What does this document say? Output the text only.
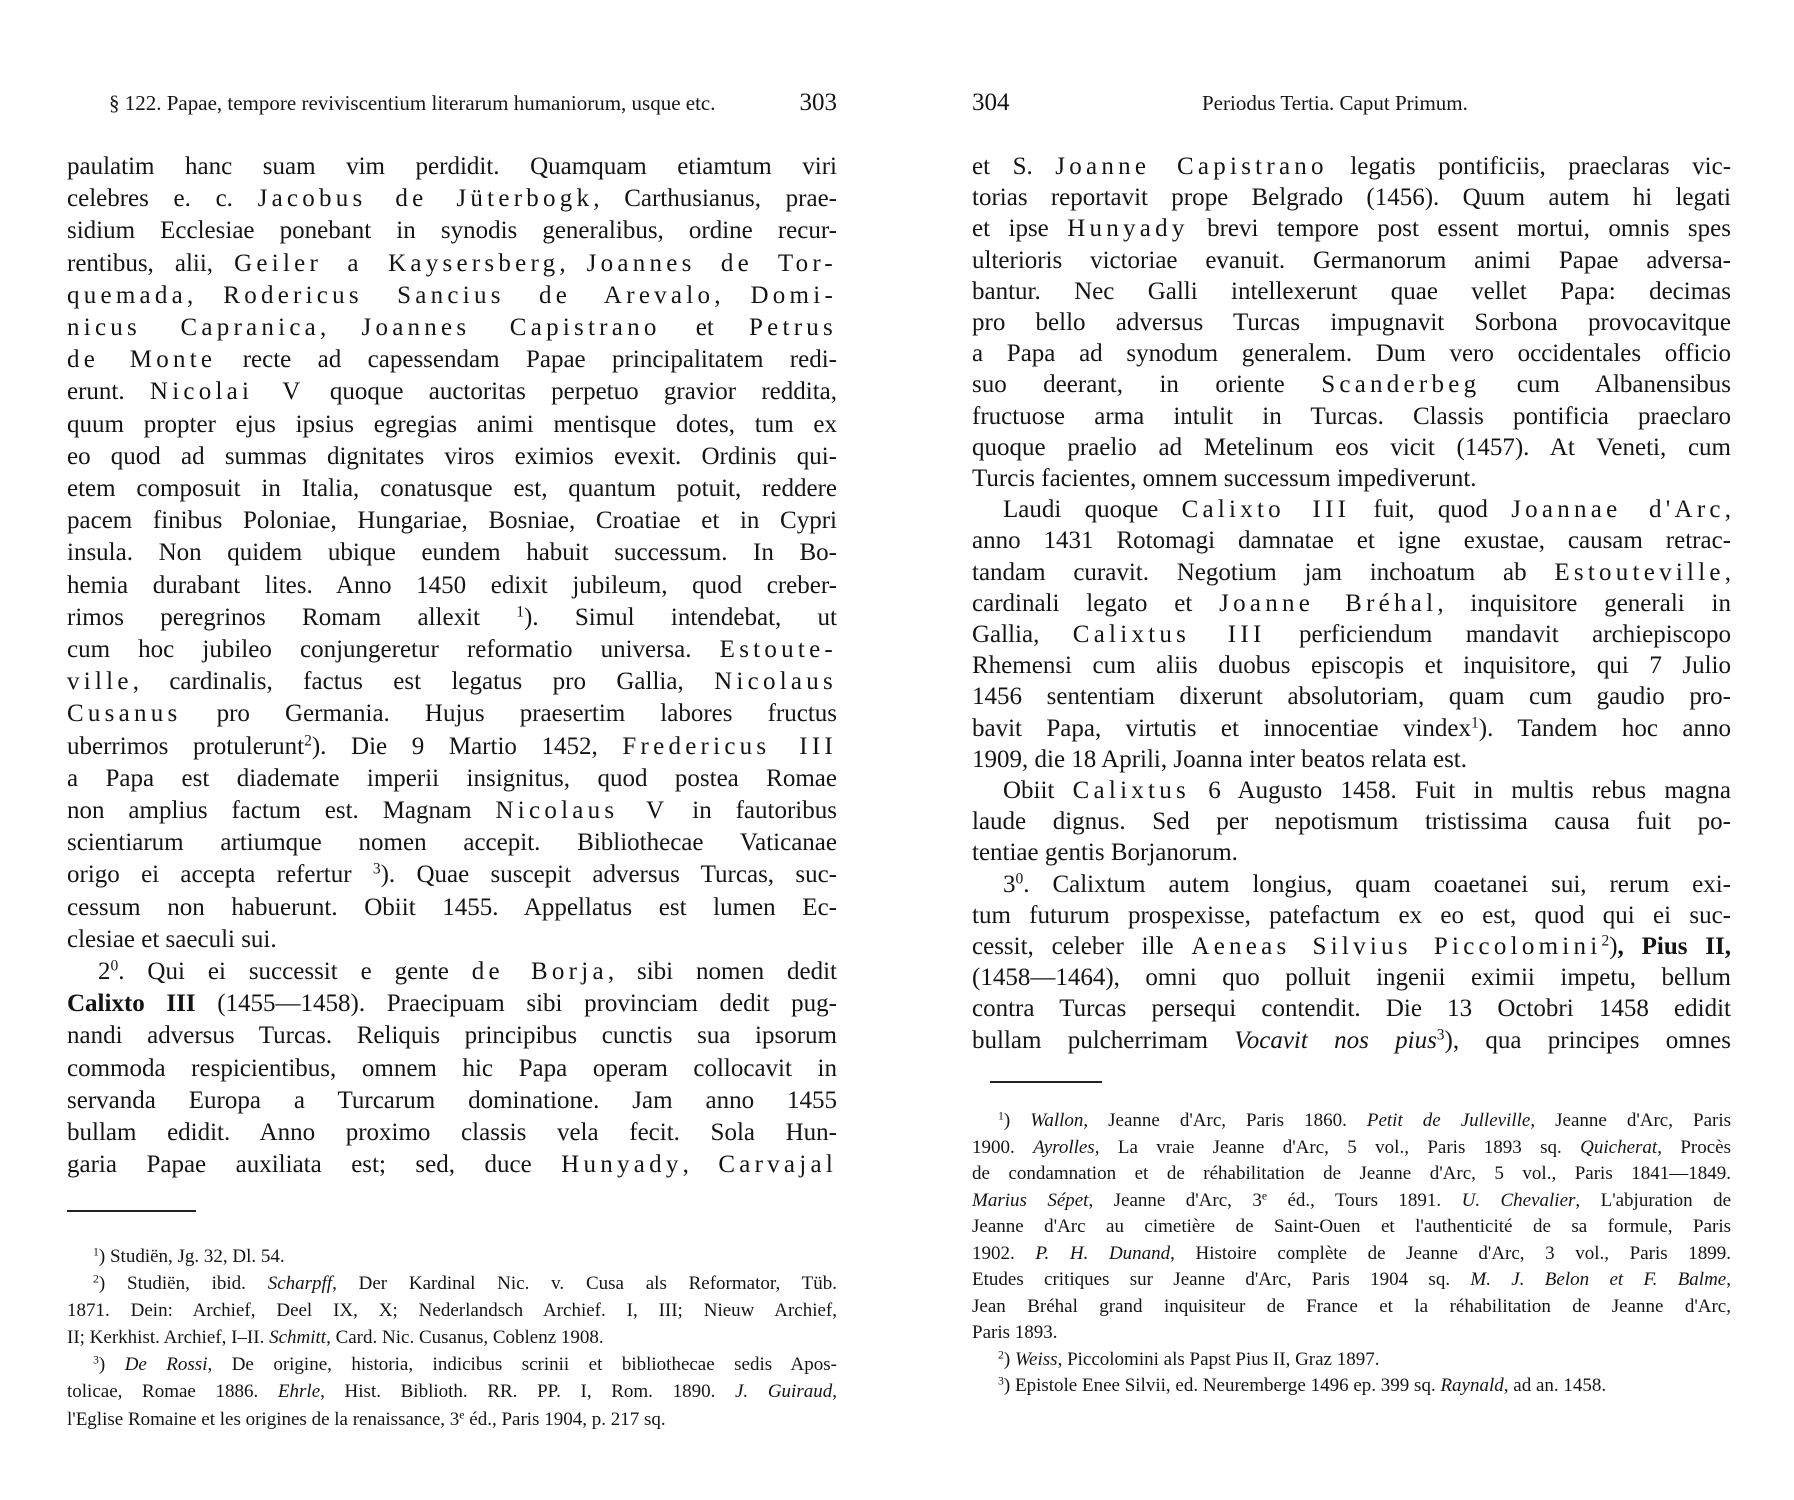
§ 122. Papae, tempore reviviscentium literarum humaniorum, usque etc.	303	304	Periodus Tertia. Caput Primum.
paulatim hanc suam vim perdidit. Quamquam etiamtum viri
celebres e. c. Jacobus de Jüterbogk, Carthusianus, prae-
sidium Ecclesiae ponebant in synodis generalibus, ordine recur-
rentibus, alii, Geiler a Kaysersberg, Joannes de Tor-
quemada, Rodericus Sancius de Arevalo, Domi-
nicus Capranica, Joannes Capistrano et Petrus
de Monte recte ad capessendam Papae principalitatem redi-
erunt. Nicolai V quoque auctoritas perpetuo gravior reddita,
quum propter ejus ipsius egregias animi mentisque dotes, tum ex
eo quod ad summas dignitates viros eximios evexit. Ordinis qui-
etem composuit in Italia, conatusque est, quantum potuit, reddere
pacem finibus Poloniae, Hungariae, Bosniae, Croatiae et in Cypri
insula. Non quidem ubique eundem habuit successum. In Bo-
hemia durabant lites. Anno 1450 edixit jubileum, quod creber-
rimos peregrinos Romam allexit $^1$). Simul intendebat, ut
cum hoc jubileo conjungeretur reformatio universa. Estoute-
ville, cardinalis, factus est legatus pro Gallia, Nicolaus
Cusanus pro Germania. Hujus praesertim labores fructus
uberrimos protulerunt$^2$). Die 9 Martio 1452, Fredericus III
a Papa est diademate imperii insignitus, quod postea Romae
non amplius factum est. Magnam Nicolaus V in fautoribus
scientiarum artiumque nomen accepit. Bibliothecae Vaticanae
origo ei accepta refertur $^3$). Quae suscepit adversus Turcas, suc-
cessum non habuerunt. Obiit 1455. Appellatus est lumen Ec-
clesiae et saeculi sui.
$2^0$. Qui ei successit e gente de Borja, sibi nomen dedit
Calixto III (1455—1458). Praecipuam sibi provinciam dedit pug-
nandi adversus Turcas. Reliquis principibus cunctis sua ipsorum
commoda respicientibus, omnem hic Papa operam collocavit in
servanda Europa a Turcarum dominatione. Jam anno 1455
bullam edidit. Anno proximo classis vela fecit. Sola Hun-
garia Papae auxiliata est; sed, duce Hunyady, Carvajal
et S. Joanne Capistrano legatis pontificiis, praeclaras vic-
torias reportavit prope Belgrado (1456). Quum autem hi legati
et ipse Hunyady brevi tempore post essent mortui, omnis spes
ulterioris victoriae evanuit. Germanorum animi Papae adversa-
bantur. Nec Galli intellexerunt quae vellet Papa: decimas
pro bello adversus Turcas impugnavit Sorbona provocavitque
a Papa ad synodum generalem. Dum vero occidentales officio
suo deerant, in oriente Scanderbeg cum Albanensibus
fructuose arma intulit in Turcas. Classis pontificia praeclaro
quoque praelio ad Metelinum eos vicit (1457). At Veneti, cum
Turcis facientes, omnem successum impediverunt.
Laudi quoque Calixto III fuit, quod Joannae d'Arc,
anno 1431 Rotomagi damnatae et igne exustae, causam retrac-
tandam curavit. Negotium jam inchoatum ab Estouteville,
cardinali legato et Joanne Bréhal, inquisitore generali in
Gallia, Calixtus III perficiendum mandavit archiepiscopo
Rhemensi cum aliis duobus episcopis et inquisitore, qui 7 Julio
1456 sententiam dixerunt absolutoriam, quam cum gaudio pro-
bavit Papa, virtutis et innocentiae vindex$^1$). Tandem hoc anno
1909, die 18 Aprili, Joanna inter beatos relata est.
Obiit Calixtus 6 Augusto 1458. Fuit in multis rebus magna
laude dignus. Sed per nepotismum tristissima causa fuit po-
tentiae gentis Borjanorum.
$3^0$. Calixtum autem longius, quam coaetanei sui, rerum exi-
tum futurum prospexisse, patefactum ex eo est, quod qui ei suc-
cessit, celeber ille Aeneas Silvius Piccolomini$^2$), Pius II,
(1458—1464), omni quo polluit ingenii eximii impetu, bellum
contra Turcas persequi contendit. Die 13 Octobri 1458 edidit
bullam pulcherrimam Vocavit nos pius$^3$), qua principes omnes
$^1$) Studiën, Jg. 32, Dl. 54.
$^2$) Studiën, ibid. Scharpff, Der Kardinal Nic. v. Cusa als Reformator, Tüb.
1871. Dein: Archief, Deel IX, X; Nederlandsch Archief. I, III; Nieuw Archief,
II; Kerkhist. Archief, I–II. Schmitt, Card. Nic. Cusanus, Coblenz 1908.
$^3$) De Rossi, De origine, historia, indicibus scrinii et bibliothecae sedis Apos-
tolicae, Romae 1886. Ehrle, Hist. Biblioth. RR. PP. I, Rom. 1890. J. Guiraud,
l'Eglise Romaine et les origines de la renaissance, 3e éd., Paris 1904, p. 217 sq.
$^1$) Wallon, Jeanne d'Arc, Paris 1860. Petit de Julleville, Jeanne d'Arc, Paris
1900. Ayrolles, La vraie Jeanne d'Arc, 5 vol., Paris 1893 sq. Quicherat, Procès
de condamnation et de réhabilitation de Jeanne d'Arc, 5 vol., Paris 1841—1849.
Marius Sépet, Jeanne d'Arc, 3e éd., Tours 1891. U. Chevalier, L'abjuration de
Jeanne d'Arc au cimetière de Saint-Ouen et l'authenticité de sa formule, Paris
1902. P. H. Dunand, Histoire complète de Jeanne d'Arc, 3 vol., Paris 1899.
Etudes critiques sur Jeanne d'Arc, Paris 1904 sq. M. J. Belon et F. Balme,
Jean Bréhal grand inquisiteur de France et la réhabilitation de Jeanne d'Arc,
Paris 1893.
$^2$) Weiss, Piccolomini als Papst Pius II, Graz 1897.
$^3$) Epistole Enee Silvii, ed. Neuremberge 1496 ep. 399 sq. Raynald, ad an. 1458.
